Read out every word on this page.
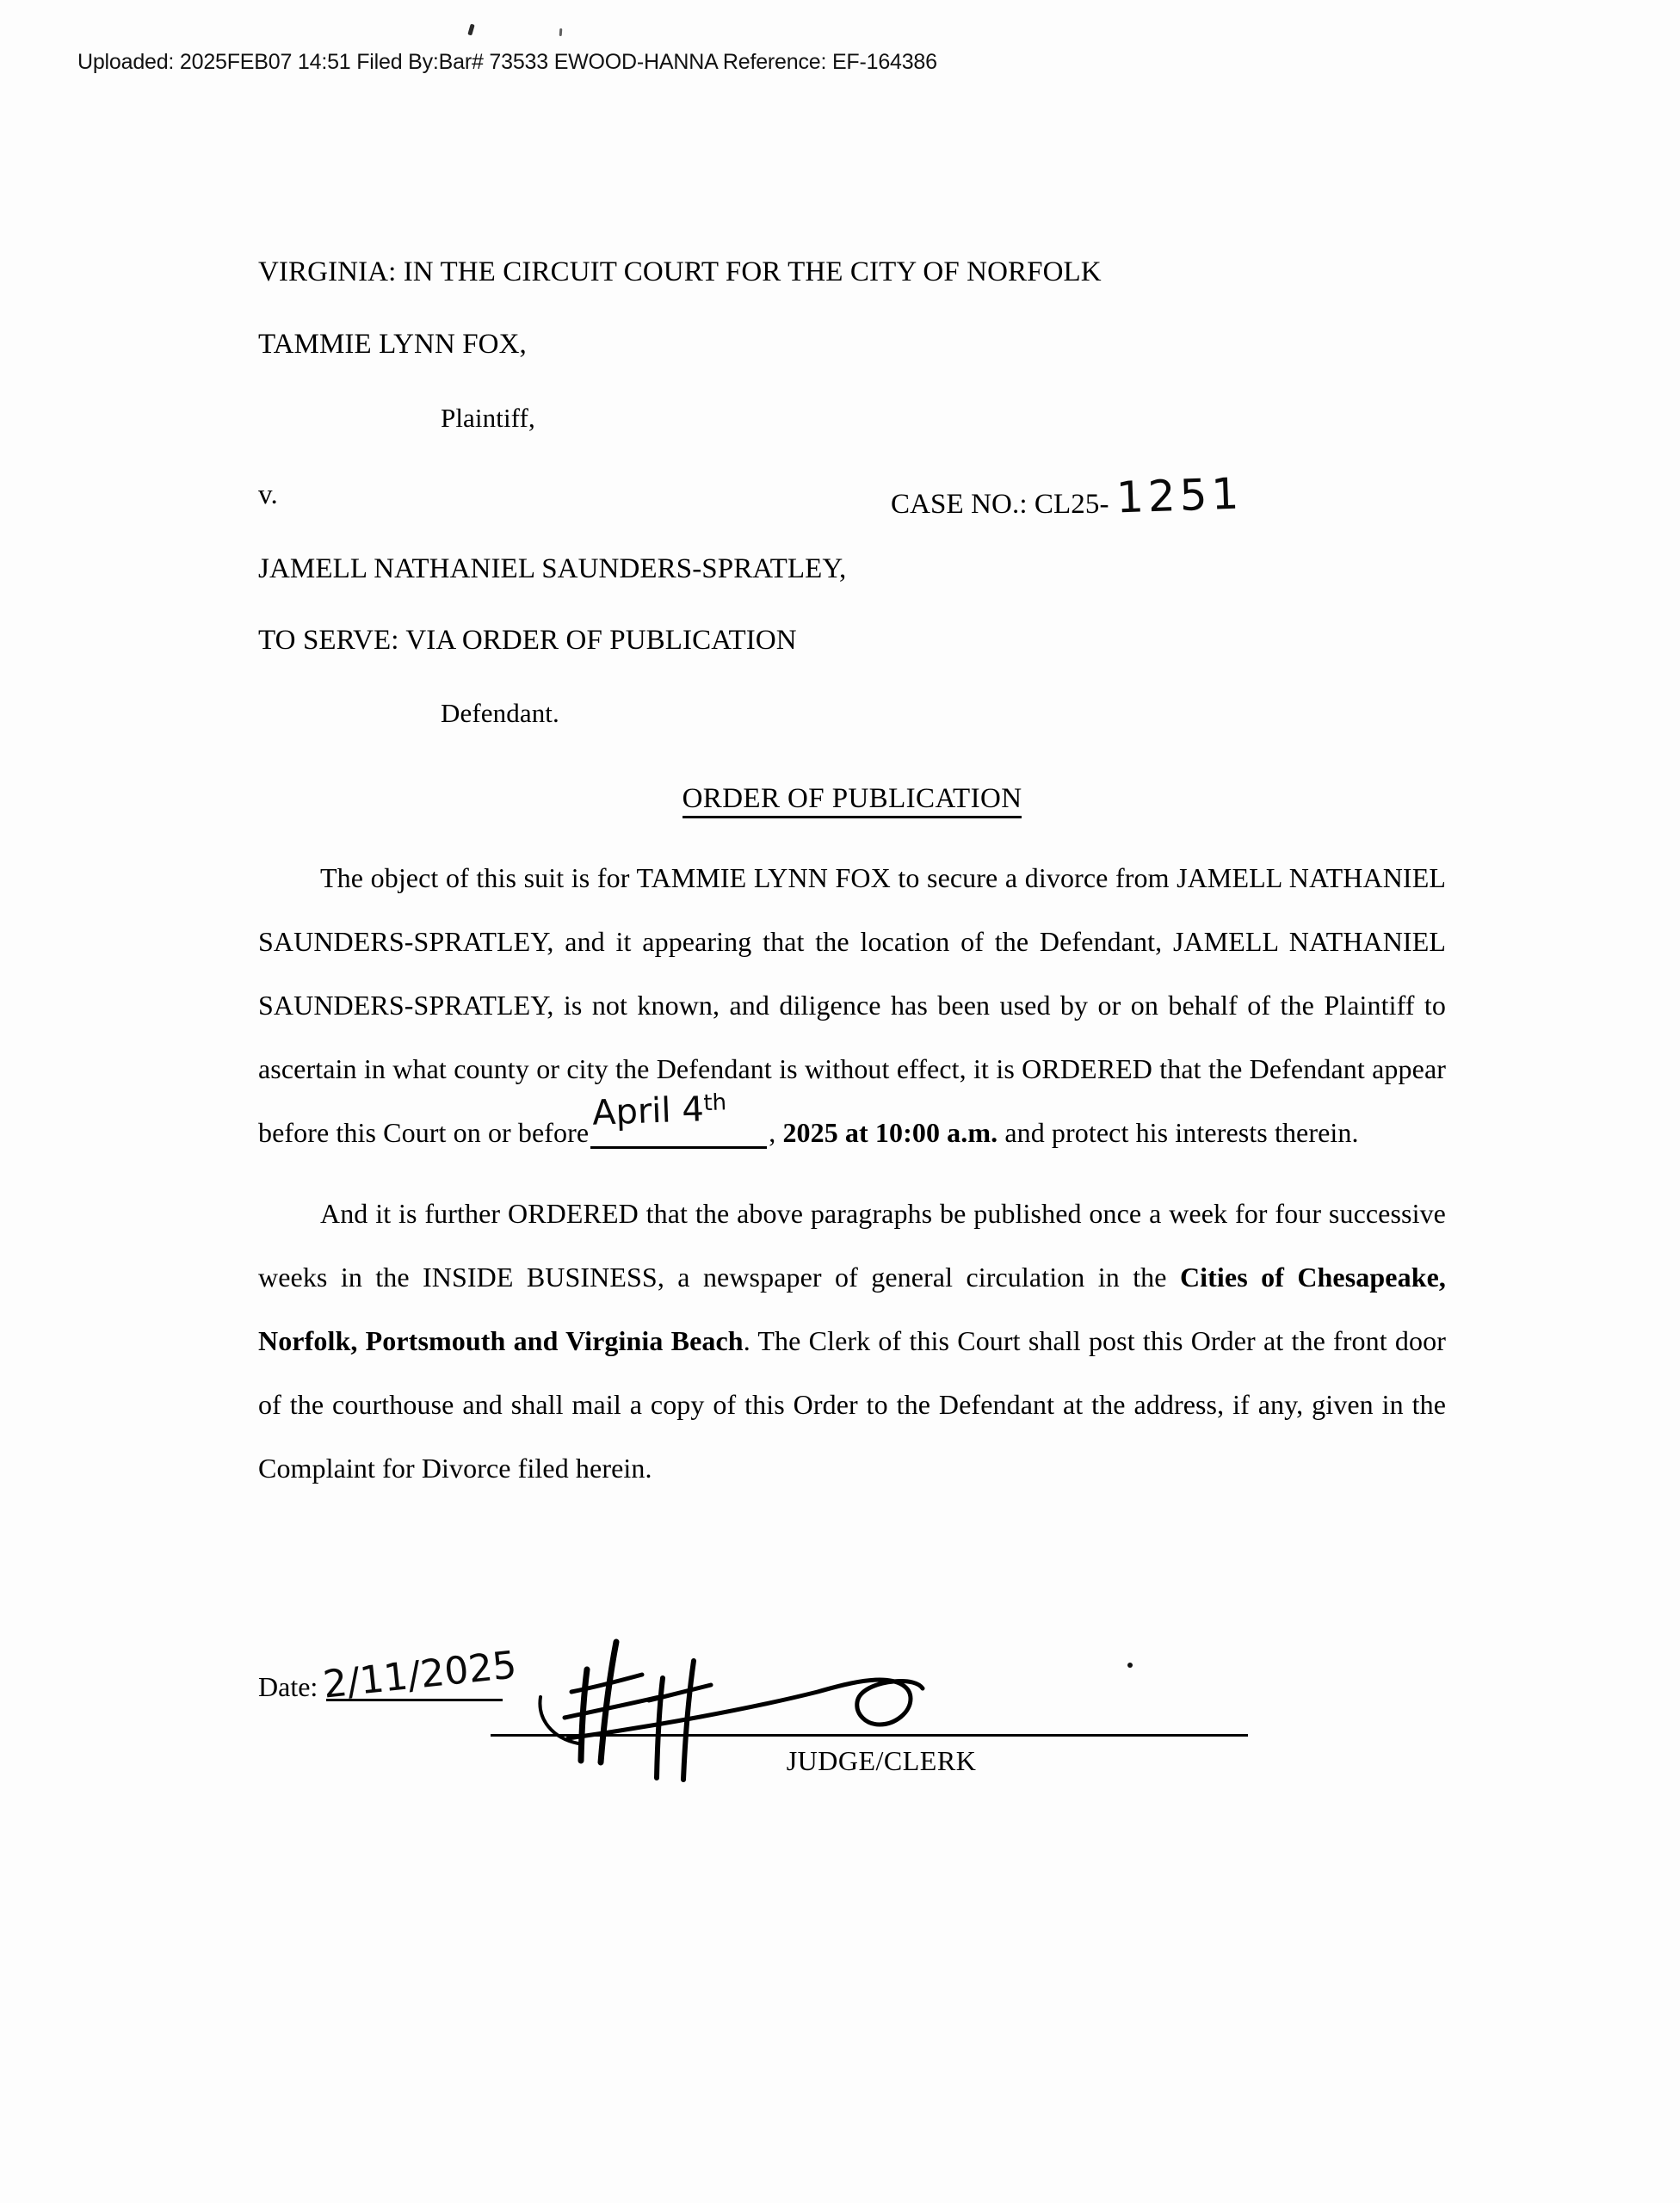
Uploaded: 2025FEB07 14:51 Filed By:Bar# 73533 EWOOD-HANNA Reference: EF-164386
VIRGINIA: IN THE CIRCUIT COURT FOR THE CITY OF NORFOLK
TAMMIE LYNN FOX,
Plaintiff,
v.	CASE NO.: CL25- 1251
JAMELL NATHANIEL SAUNDERS-SPRATLEY,
TO SERVE: VIA ORDER OF PUBLICATION
Defendant.
ORDER OF PUBLICATION
The object of this suit is for TAMMIE LYNN FOX to secure a divorce from JAMELL NATHANIEL SAUNDERS-SPRATLEY, and it appearing that the location of the Defendant, JAMELL NATHANIEL SAUNDERS-SPRATLEY, is not known, and diligence has been used by or on behalf of the Plaintiff to ascertain in what county or city the Defendant is without effect, it is ORDERED that the Defendant appear before this Court on or before April 4th
, 2025 at 10:00 a.m. and protect his interests therein.
And it is further ORDERED that the above paragraphs be published once a week for four successive weeks in the INSIDE BUSINESS, a newspaper of general circulation in the Cities of Chesapeake, Norfolk, Portsmouth and Virginia Beach. The Clerk of this Court shall post this Order at the front door of the courthouse and shall mail a copy of this Order to the Defendant at the address, if any, given in the Complaint for Divorce filed herein.
Date: 2/11/2025
JUDGE/CLERK
